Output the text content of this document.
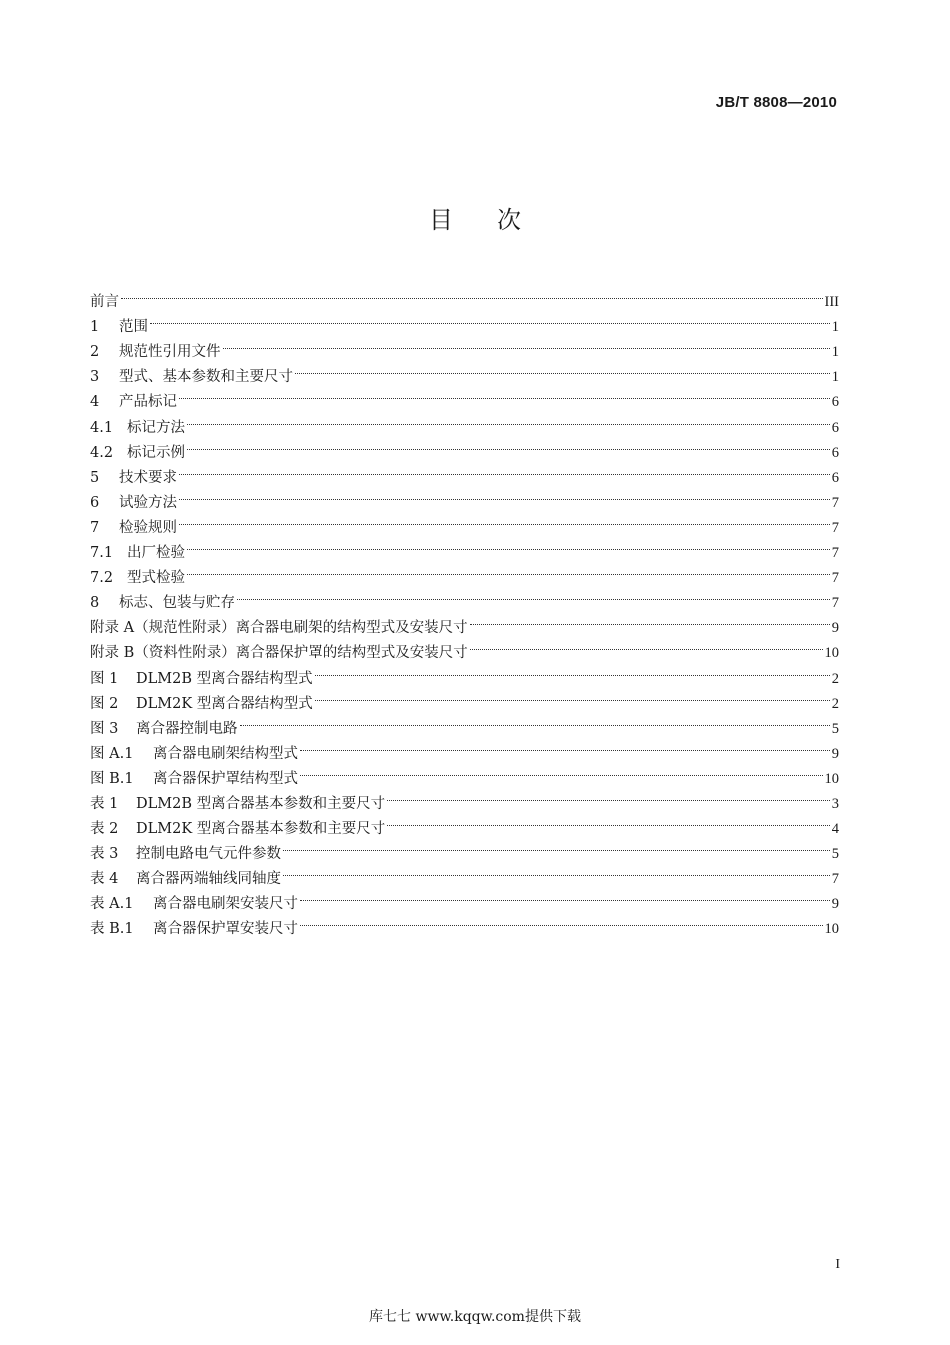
JB/T 8808—2010
目次
前言	III
1	范围	1
2	规范性引用文件	1
3	型式、基本参数和主要尺寸	1
4	产品标记	6
4.1 标记方法	6
4.2 标记示例	6
5	技术要求	6
6	试验方法	7
7	检验规则	7
7.1 出厂检验	7
7.2 型式检验	7
8	标志、包装与贮存	7
附录 A（规范性附录）离合器电刷架的结构型式及安装尺寸	9
附录 B（资料性附录）离合器保护罩的结构型式及安装尺寸	10
图 1	DLM2B 型离合器结构型式	2
图 2	DLM2K 型离合器结构型式	2
图 3	离合器控制电路	5
图 A.1	离合器电刷架结构型式	9
图 B.1	离合器保护罩结构型式	10
表 1	DLM2B 型离合器基本参数和主要尺寸	3
表 2	DLM2K 型离合器基本参数和主要尺寸	4
表 3	控制电路电气元件参数	5
表 4	离合器两端轴线同轴度	7
表 A.1	离合器电刷架安装尺寸	9
表 B.1	离合器保护罩安装尺寸	10
I
库七七 www.kqqw.com提供下载
